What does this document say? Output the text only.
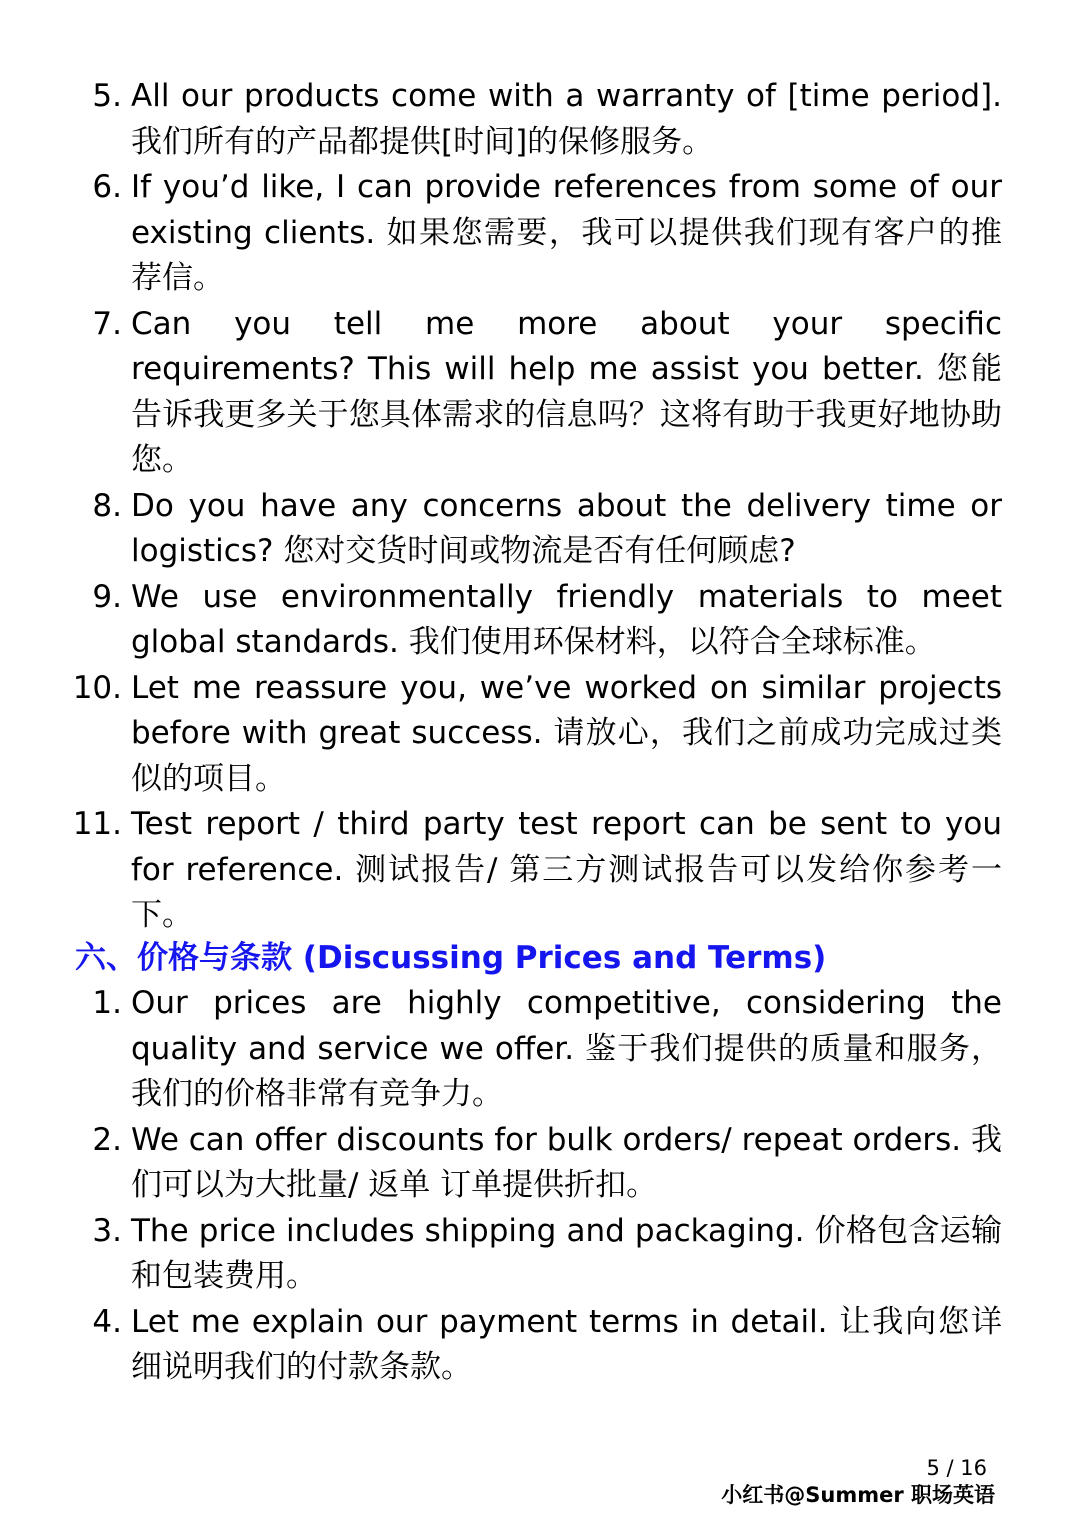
5. All our products come with a warranty of [time period]. 我们所有的产品都提供[时间]的保修服务。
6. If you’d like, I can provide references from some of our existing clients. 如果您需要，我可以提供我们现有客户的推荐信。
7. Can you tell me more about your specific requirements? This will help me assist you better. 您能告诉我更多关于您具体需求的信息吗？这将有助于我更好地协助您。
8. Do you have any concerns about the delivery time or logistics? 您对交货时间或物流是否有任何顾虑?
9. We use environmentally friendly materials to meet global standards. 我们使用环保材料，以符合全球标准。
10. Let me reassure you, we’ve worked on similar projects before with great success. 请放心，我们之前成功完成过类似的项目。
11. Test report / third party test report can be sent to you for reference. 测试报告/ 第三方测试报告可以发给你参考一下。
六、价格与条款 (Discussing Prices and Terms)
1. Our prices are highly competitive, considering the quality and service we offer. 鉴于我们提供的质量和服务，我们的价格非常有竞争力。
2. We can offer discounts for bulk orders/ repeat orders. 我们可以为大批量/ 返单 订单提供折扣。
3. The price includes shipping and packaging. 价格包含运输和包装费用。
4. Let me explain our payment terms in detail. 让我向您详细说明我们的付款条款。
5 / 16
小红书@Summer 职场英语
